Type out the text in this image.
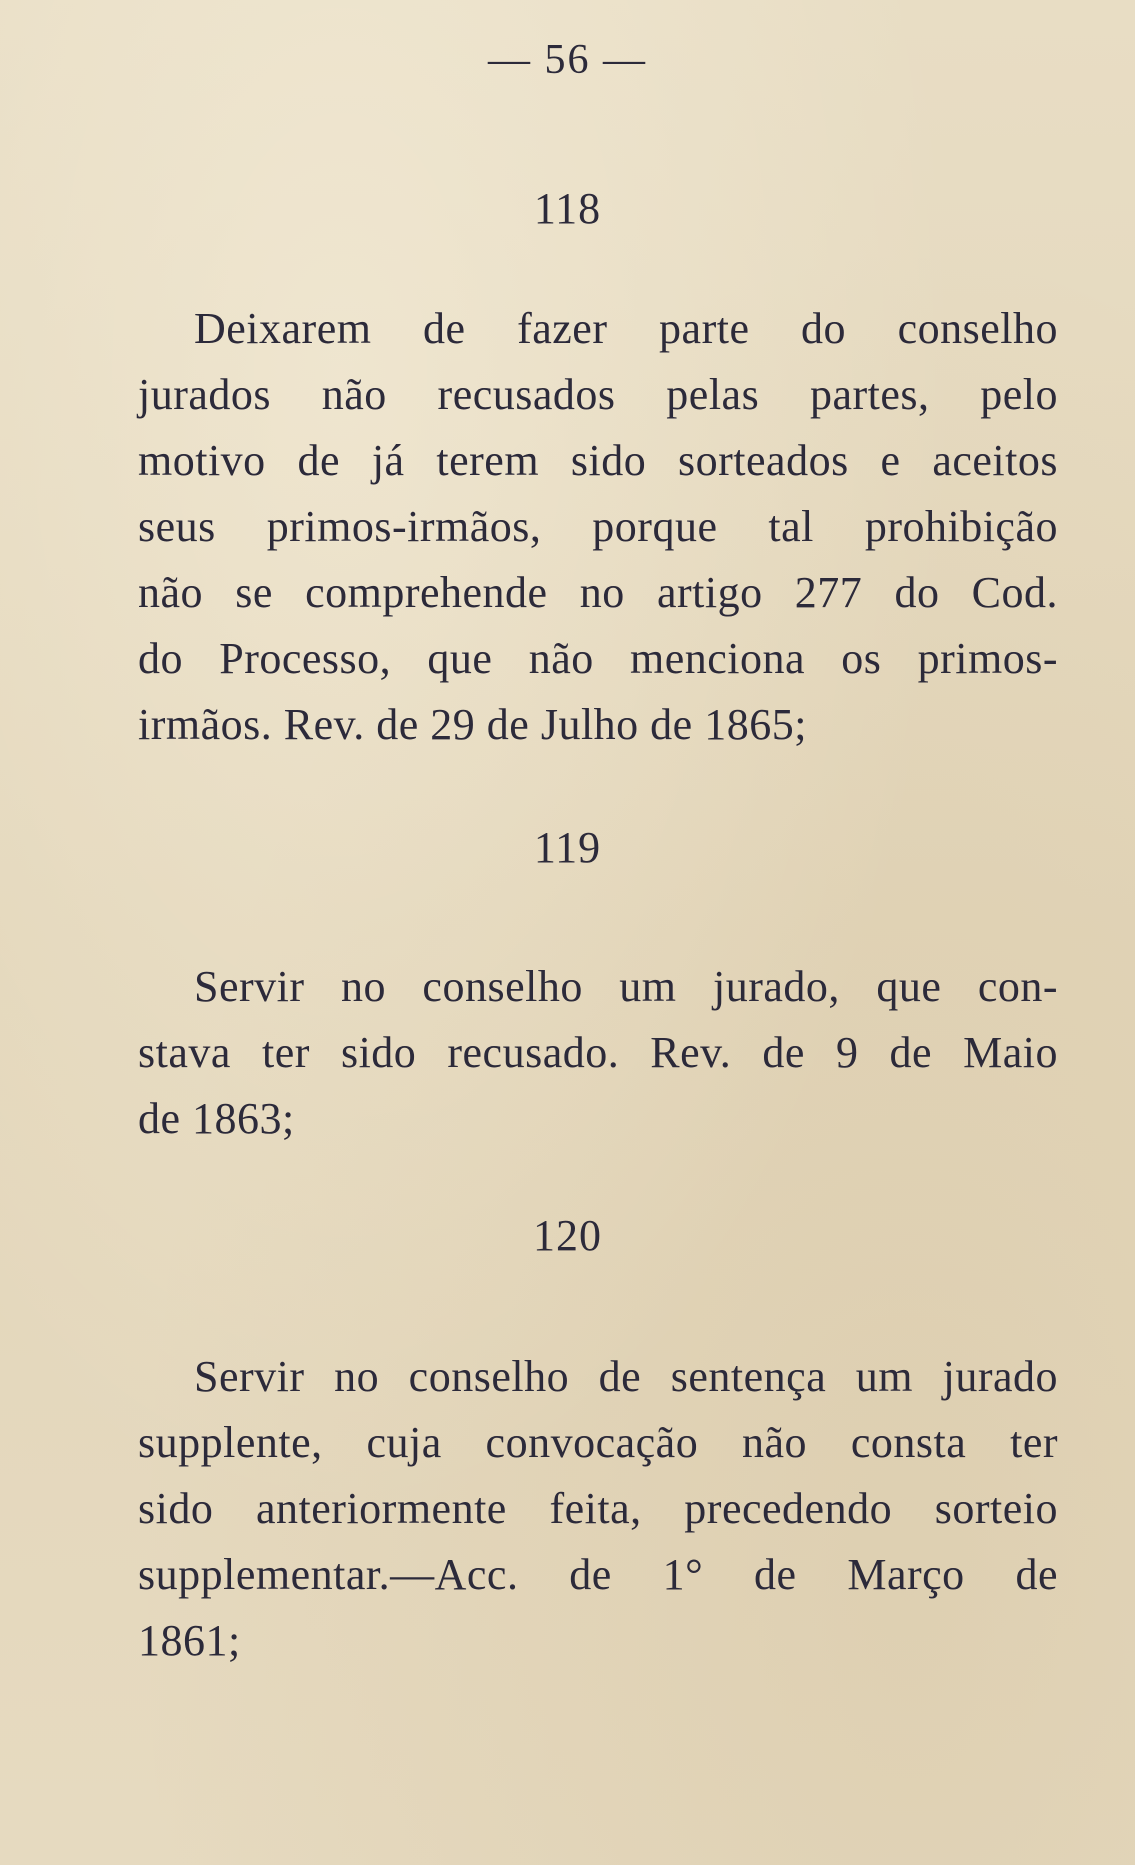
— 56 —
118
Deixarem de fazer parte do conselho
jurados não recusados pelas partes, pelo
motivo de já terem sido sorteados e aceitos
seus primos-irmãos, porque tal prohibição
não se comprehende no artigo 277 do Cod.
do Processo, que não menciona os primos-
irmãos. Rev. de 29 de Julho de 1865;
119
Servir no conselho um jurado, que con-
stava ter sido recusado. Rev. de 9 de Maio
de 1863;
120
Servir no conselho de sentença um jurado
supplente, cuja convocação não consta ter
sido anteriormente feita, precedendo sorteio
supplementar.—Acc. de 1° de Março de
1861;
